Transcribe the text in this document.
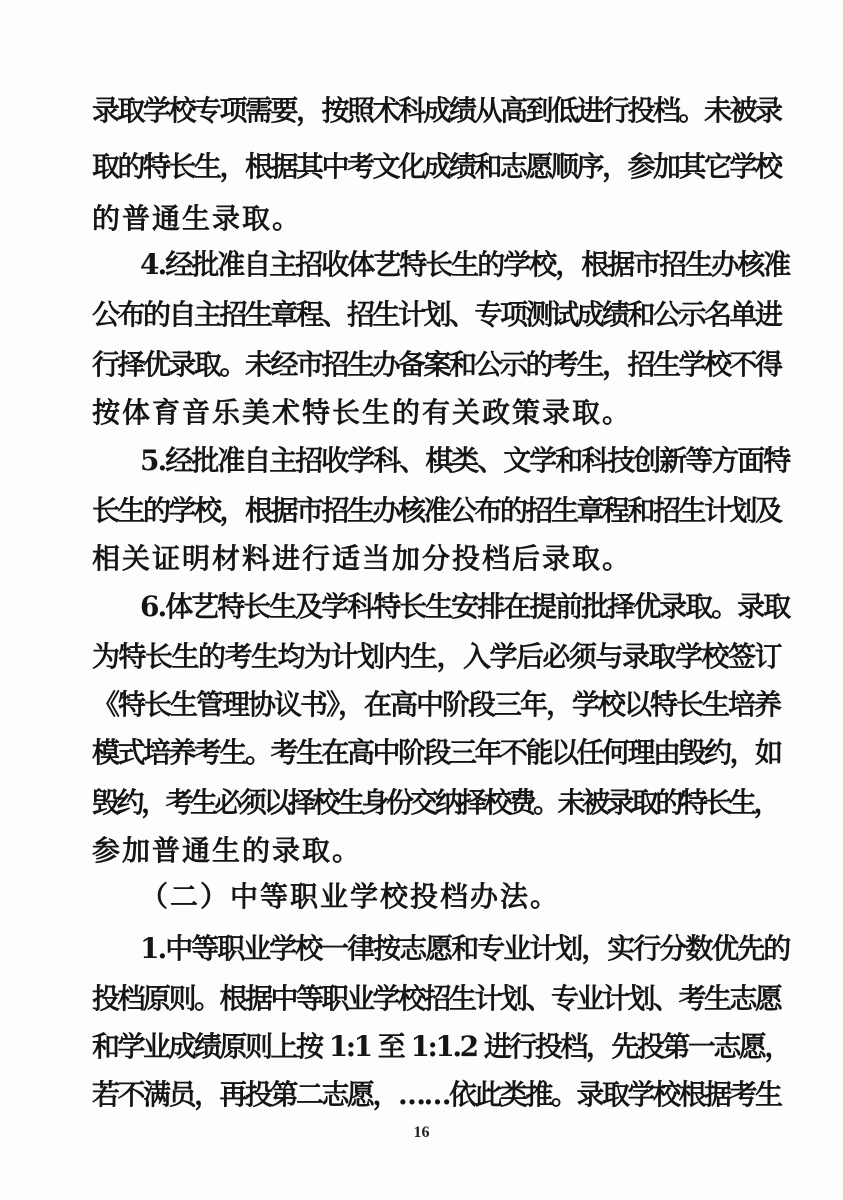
录取学校专项需要，按照术科成绩从高到低进行投档。未被录
取的特长生，根据其中考文化成绩和志愿顺序，参加其它学校
的普通生录取。
4.经批准自主招收体艺特长生的学校，根据市招生办核准
公布的自主招生章程、招生计划、专项测试成绩和公示名单进
行择优录取。未经市招生办备案和公示的考生，招生学校不得
按体育音乐美术特长生的有关政策录取。
5.经批准自主招收学科、棋类、文学和科技创新等方面特
长生的学校，根据市招生办核准公布的招生章程和招生计划及
相关证明材料进行适当加分投档后录取。
6.体艺特长生及学科特长生安排在提前批择优录取。录取
为特长生的考生均为计划内生，入学后必须与录取学校签订
《特长生管理协议书》，在高中阶段三年，学校以特长生培养
模式培养考生。考生在高中阶段三年不能以任何理由毁约，如
毁约，考生必须以择校生身份交纳择校费。未被录取的特长生，
参加普通生的录取。
（二）中等职业学校投档办法。
1.中等职业学校一律按志愿和专业计划，实行分数优先的
投档原则。根据中等职业学校招生计划、专业计划、考生志愿
和学业成绩原则上按 1:1 至 1:1.2 进行投档，先投第一志愿，
若不满员，再投第二志愿，……依此类推。录取学校根据考生
16
